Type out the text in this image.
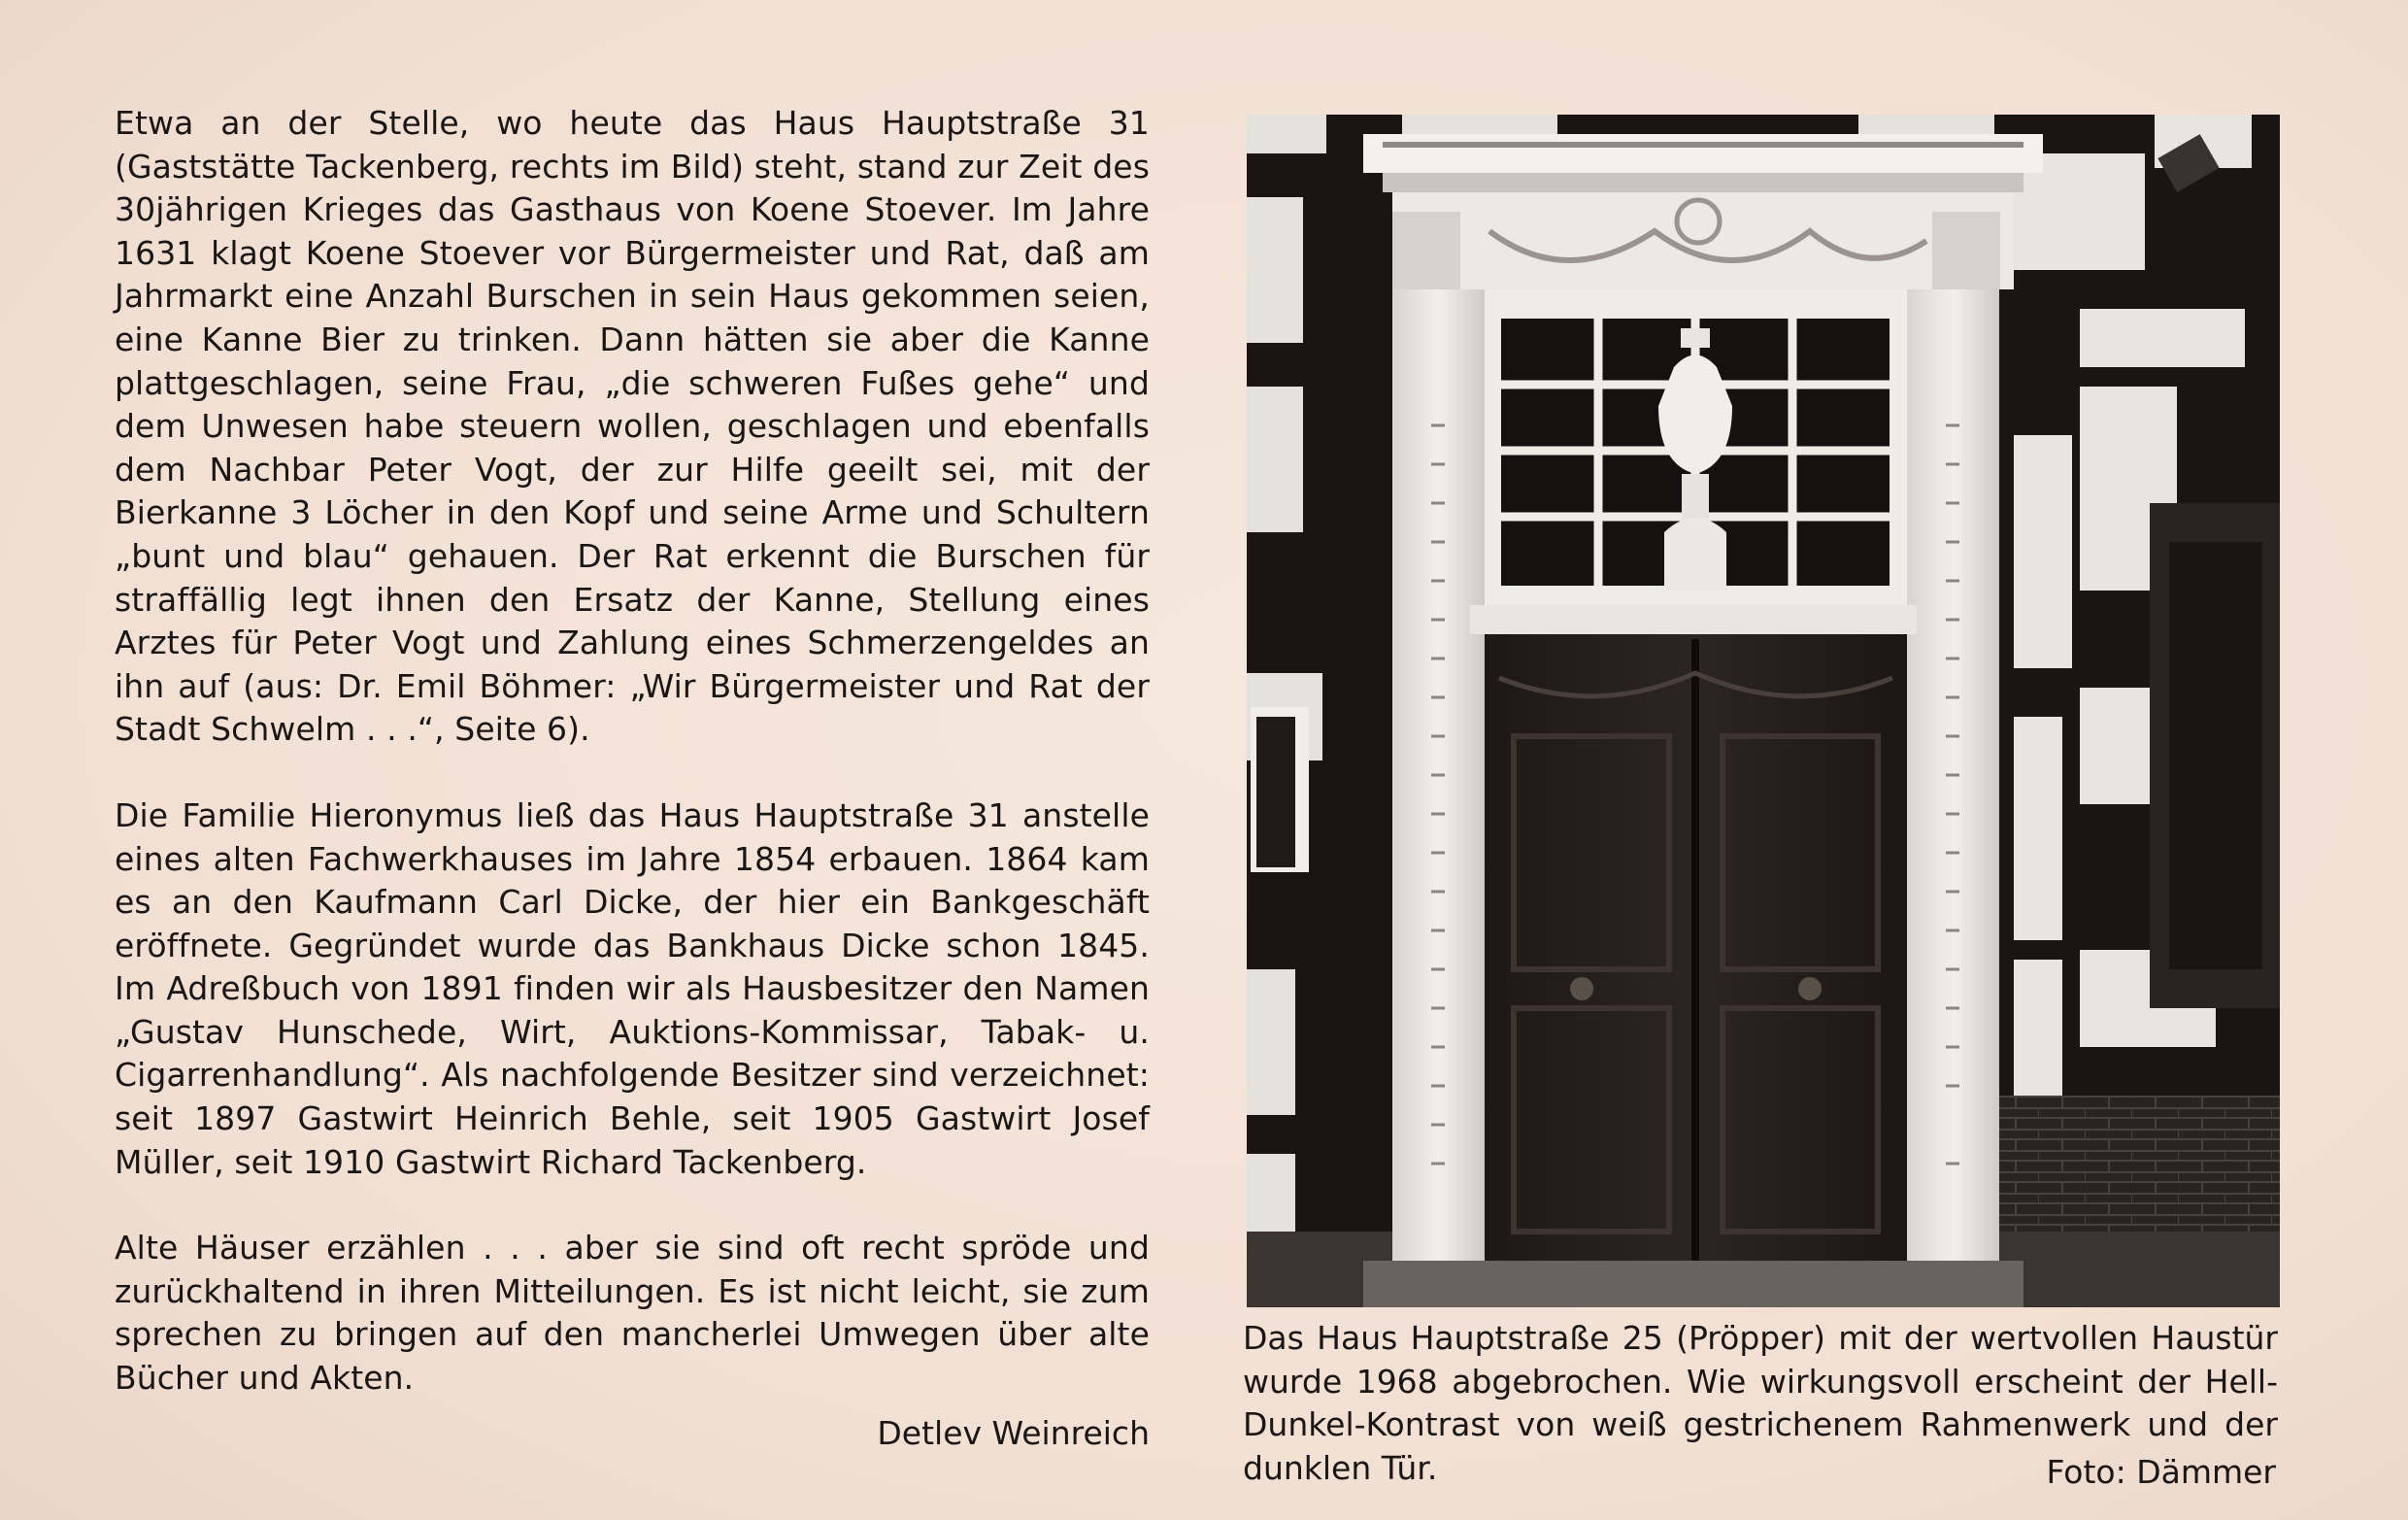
Etwa an der Stelle, wo heute das Haus Hauptstraße 31 (Gaststätte Tackenberg, rechts im Bild) steht, stand zur Zeit des 30jährigen Krieges das Gasthaus von Koene Stoever. Im Jahre 1631 klagt Koene Stoever vor Bürgermeister und Rat, daß am Jahrmarkt eine Anzahl Burschen in sein Haus gekommen seien, eine Kanne Bier zu trinken. Dann hätten sie aber die Kanne plattgeschlagen, seine Frau, „die schweren Fußes gehe“ und dem Unwesen habe steuern wollen, geschlagen und ebenfalls dem Nachbar Peter Vogt, der zur Hilfe geeilt sei, mit der Bierkanne 3 Löcher in den Kopf und seine Arme und Schultern „bunt und blau“ gehauen. Der Rat erkennt die Burschen für straffällig legt ihnen den Ersatz der Kanne, Stellung eines Arztes für Peter Vogt und Zahlung eines Schmerzengeldes an ihn auf (aus: Dr. Emil Böhmer: „Wir Bürgermeister und Rat der Stadt Schwelm . . .“, Seite 6).

Die Familie Hieronymus ließ das Haus Hauptstraße 31 anstelle eines alten Fachwerkhauses im Jahre 1854 erbauen. 1864 kam es an den Kaufmann Carl Dicke, der hier ein Bankgeschäft eröffnete. Gegründet wurde das Bankhaus Dicke schon 1845. Im Adreßbuch von 1891 finden wir als Hausbesitzer den Namen „Gustav Hunschede, Wirt, Auktions-Kommissar, Tabak- u. Cigarrenhandlung“. Als nachfolgende Besitzer sind verzeichnet: seit 1897 Gastwirt Heinrich Behle, seit 1905 Gastwirt Josef Müller, seit 1910 Gastwirt Richard Tackenberg.

Alte Häuser erzählen . . . aber sie sind oft recht spröde und zurückhaltend in ihren Mitteilungen. Es ist nicht leicht, sie zum sprechen zu bringen auf den mancherlei Umwegen über alte Bücher und Akten.

Detlev Weinreich

Das Haus Hauptstraße 25 (Pröpper) mit der wertvollen Haustür wurde 1968 abgebrochen. Wie wirkungsvoll erscheint der Hell-Dunkel-Kontrast von weiß gestrichenem Rahmenwerk und der dunklen Tür.	Foto: Dämmer
